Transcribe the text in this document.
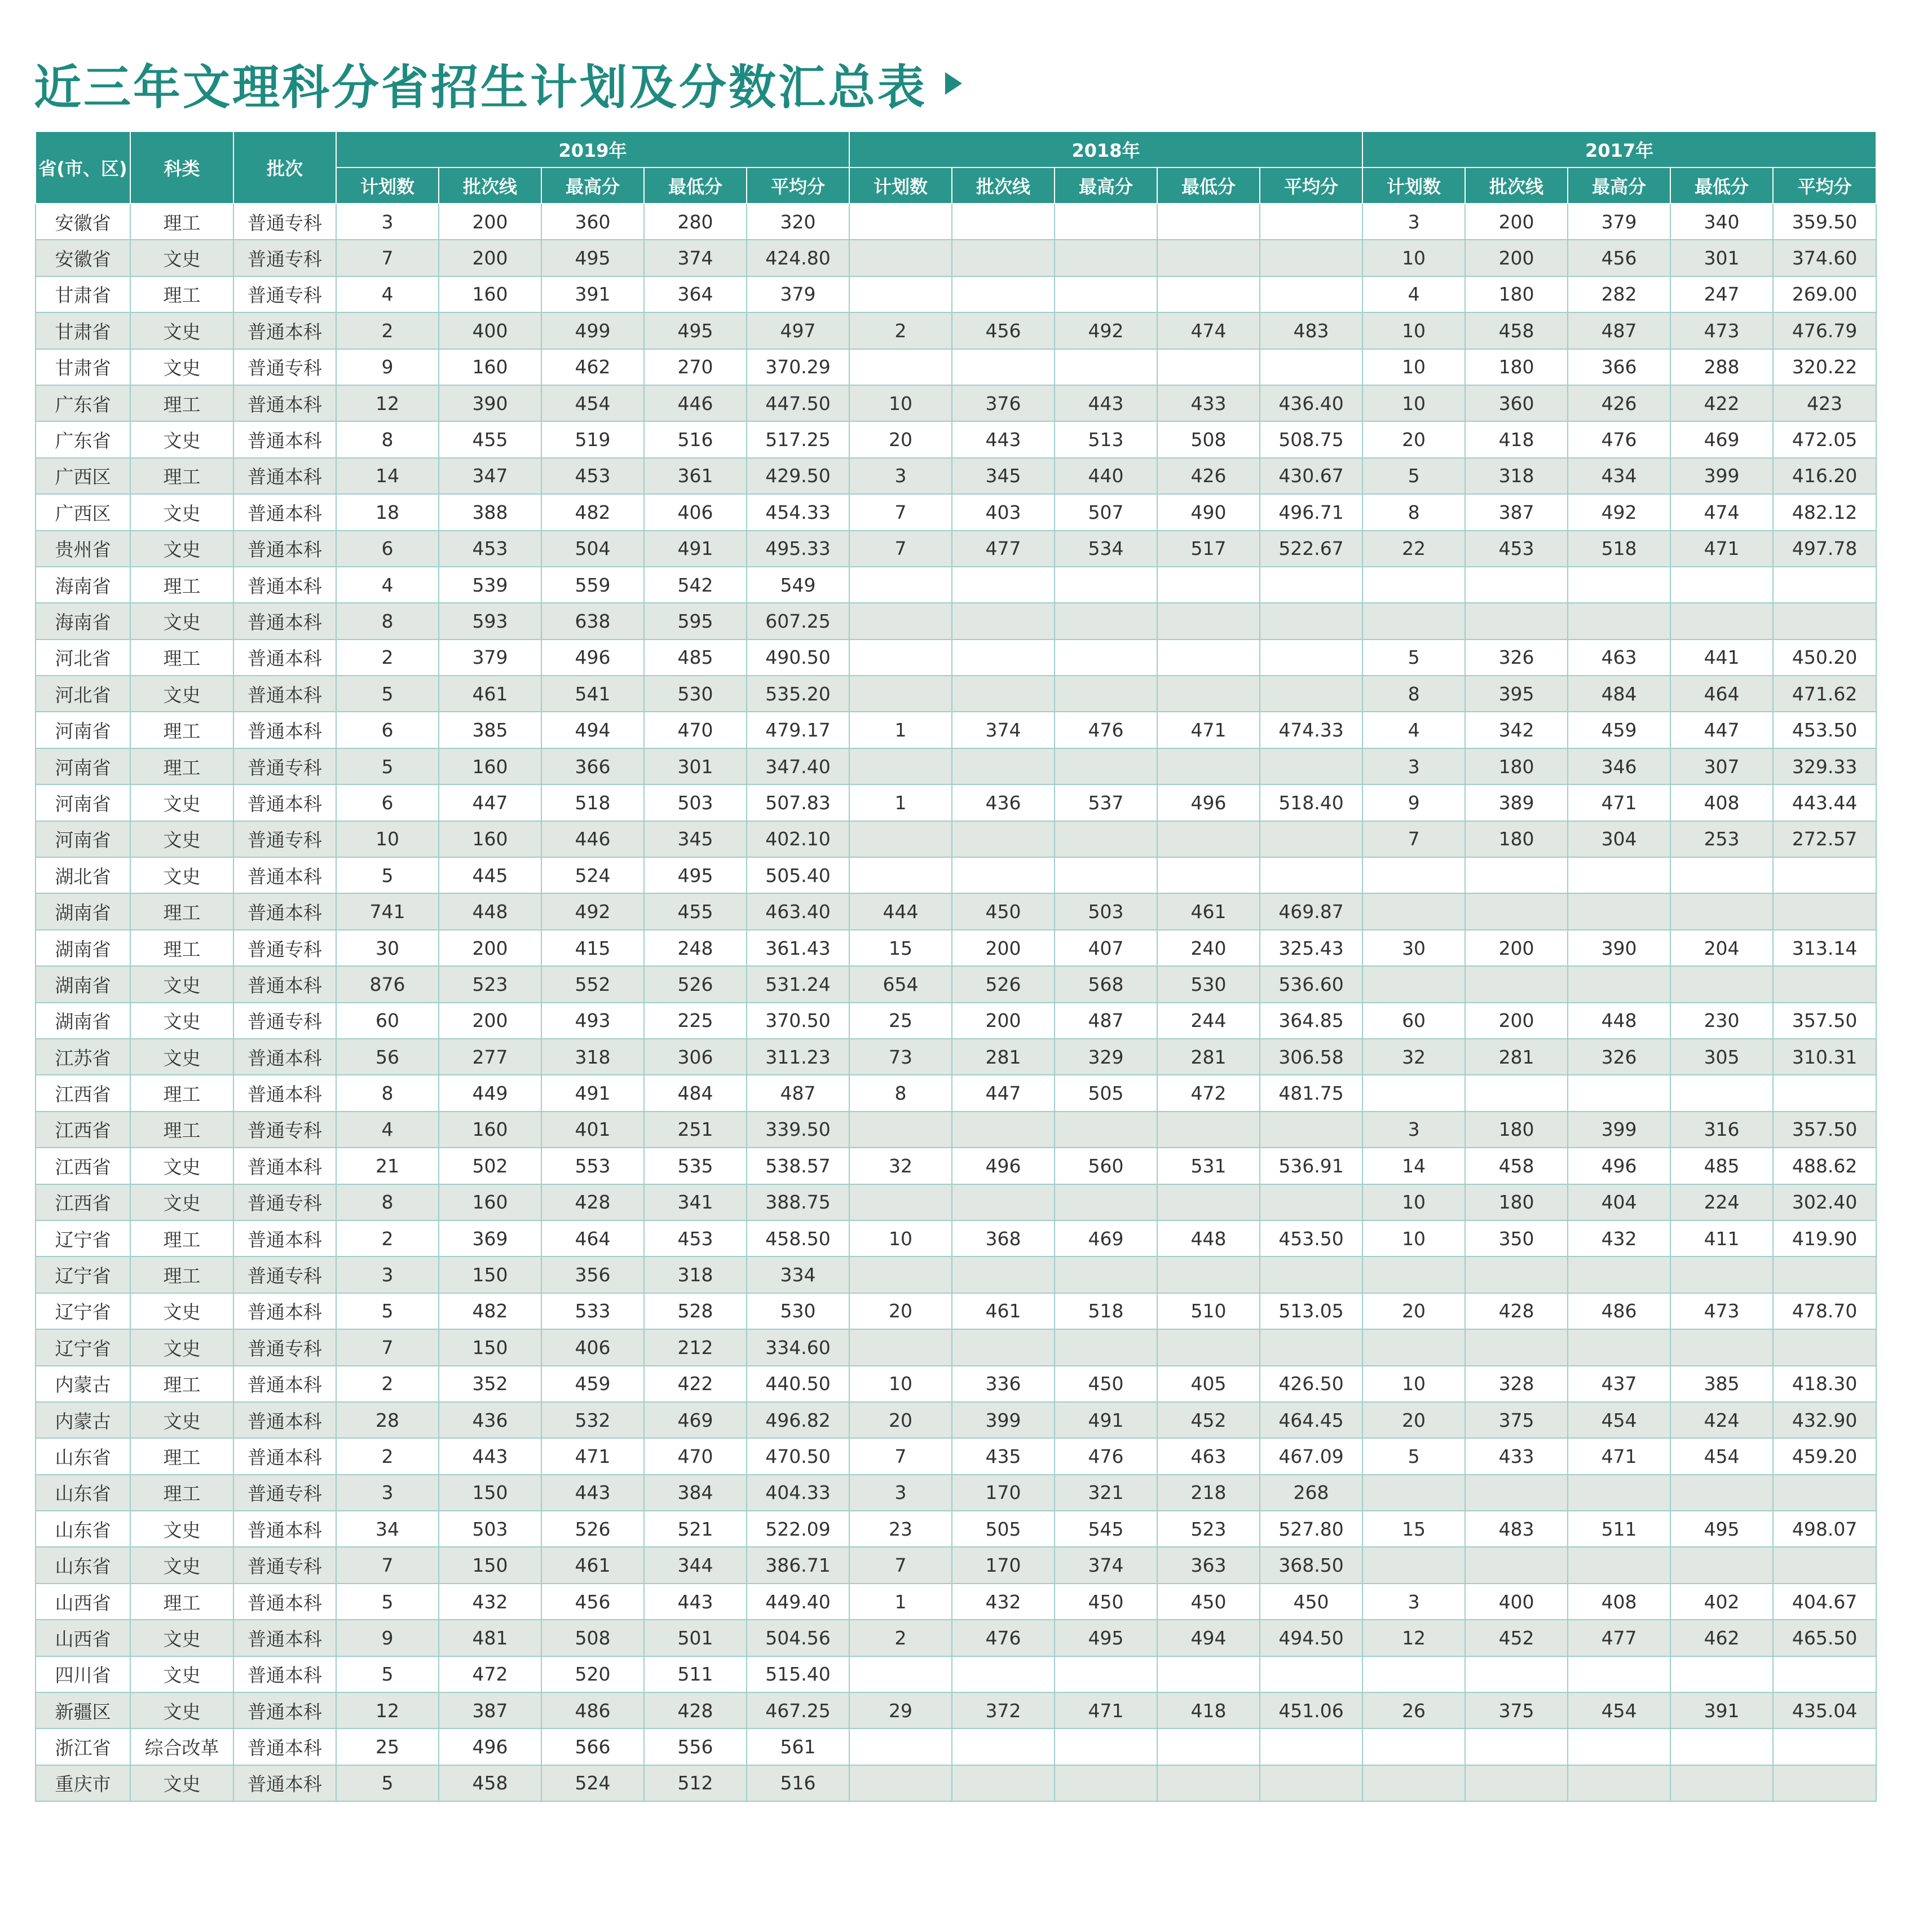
近三年文理科分省招生计划及分数汇总表
省(市、区)	科类	批次	2019年					2018年					2017年				
			计划数	批次线	最高分	最低分	平均分	计划数	批次线	最高分	最低分	平均分	计划数	批次线	最高分	最低分	平均分
安徽省	理工	普通专科	3	200	360	280	320						3	200	379	340	359.50
安徽省	文史	普通专科	7	200	495	374	424.80						10	200	456	301	374.60
甘肃省	理工	普通专科	4	160	391	364	379						4	180	282	247	269.00
甘肃省	文史	普通本科	2	400	499	495	497	2	456	492	474	483	10	458	487	473	476.79
甘肃省	文史	普通专科	9	160	462	270	370.29						10	180	366	288	320.22
广东省	理工	普通本科	12	390	454	446	447.50	10	376	443	433	436.40	10	360	426	422	423
广东省	文史	普通本科	8	455	519	516	517.25	20	443	513	508	508.75	20	418	476	469	472.05
广西区	理工	普通本科	14	347	453	361	429.50	3	345	440	426	430.67	5	318	434	399	416.20
广西区	文史	普通本科	18	388	482	406	454.33	7	403	507	490	496.71	8	387	492	474	482.12
贵州省	文史	普通本科	6	453	504	491	495.33	7	477	534	517	522.67	22	453	518	471	497.78
海南省	理工	普通本科	4	539	559	542	549										
海南省	文史	普通本科	8	593	638	595	607.25										
河北省	理工	普通本科	2	379	496	485	490.50						5	326	463	441	450.20
河北省	文史	普通本科	5	461	541	530	535.20						8	395	484	464	471.62
河南省	理工	普通本科	6	385	494	470	479.17	1	374	476	471	474.33	4	342	459	447	453.50
河南省	理工	普通专科	5	160	366	301	347.40						3	180	346	307	329.33
河南省	文史	普通本科	6	447	518	503	507.83	1	436	537	496	518.40	9	389	471	408	443.44
河南省	文史	普通专科	10	160	446	345	402.10						7	180	304	253	272.57
湖北省	文史	普通本科	5	445	524	495	505.40										
湖南省	理工	普通本科	741	448	492	455	463.40	444	450	503	461	469.87					
湖南省	理工	普通专科	30	200	415	248	361.43	15	200	407	240	325.43	30	200	390	204	313.14
湖南省	文史	普通本科	876	523	552	526	531.24	654	526	568	530	536.60					
湖南省	文史	普通专科	60	200	493	225	370.50	25	200	487	244	364.85	60	200	448	230	357.50
江苏省	文史	普通本科	56	277	318	306	311.23	73	281	329	281	306.58	32	281	326	305	310.31
江西省	理工	普通本科	8	449	491	484	487	8	447	505	472	481.75					
江西省	理工	普通专科	4	160	401	251	339.50						3	180	399	316	357.50
江西省	文史	普通本科	21	502	553	535	538.57	32	496	560	531	536.91	14	458	496	485	488.62
江西省	文史	普通专科	8	160	428	341	388.75						10	180	404	224	302.40
辽宁省	理工	普通本科	2	369	464	453	458.50	10	368	469	448	453.50	10	350	432	411	419.90
辽宁省	理工	普通专科	3	150	356	318	334										
辽宁省	文史	普通本科	5	482	533	528	530	20	461	518	510	513.05	20	428	486	473	478.70
辽宁省	文史	普通专科	7	150	406	212	334.60										
内蒙古	理工	普通本科	2	352	459	422	440.50	10	336	450	405	426.50	10	328	437	385	418.30
内蒙古	文史	普通本科	28	436	532	469	496.82	20	399	491	452	464.45	20	375	454	424	432.90
山东省	理工	普通本科	2	443	471	470	470.50	7	435	476	463	467.09	5	433	471	454	459.20
山东省	理工	普通专科	3	150	443	384	404.33	3	170	321	218	268					
山东省	文史	普通本科	34	503	526	521	522.09	23	505	545	523	527.80	15	483	511	495	498.07
山东省	文史	普通专科	7	150	461	344	386.71	7	170	374	363	368.50					
山西省	理工	普通本科	5	432	456	443	449.40	1	432	450	450	450	3	400	408	402	404.67
山西省	文史	普通本科	9	481	508	501	504.56	2	476	495	494	494.50	12	452	477	462	465.50
四川省	文史	普通本科	5	472	520	511	515.40										
新疆区	文史	普通本科	12	387	486	428	467.25	29	372	471	418	451.06	26	375	454	391	435.04
浙江省	综合改革	普通本科	25	496	566	556	561										
重庆市	文史	普通本科	5	458	524	512	516										
